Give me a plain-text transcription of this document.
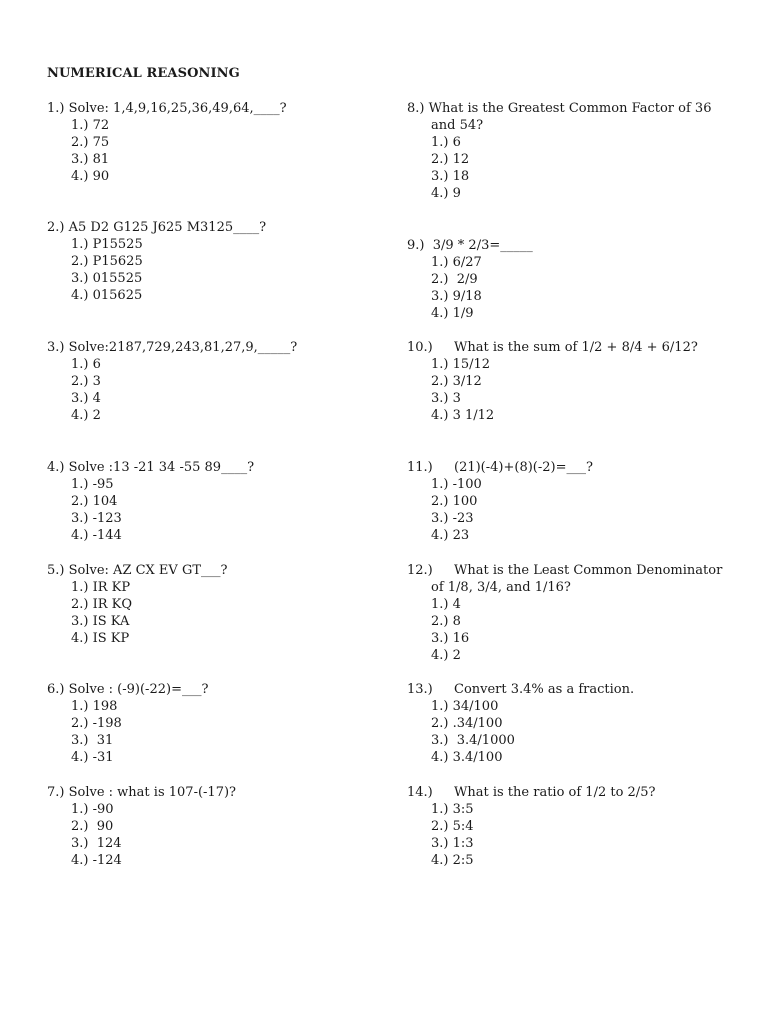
NUMERICAL REASONING
1.) Solve: 1,4,9,16,25,36,49,64,____?
1.) 72
2.) 75
3.) 81
4.) 90
2.) A5 D2 G125 J625 M3125____?
1.) P15525
2.) P15625
3.) 015525
4.) 015625
3.) Solve:2187,729,243,81,27,9,_____?
1.) 6
2.) 3
3.) 4
4.) 2
4.) Solve :13 -21 34 -55 89____?
1.) -95
2.) 104
3.) -123
4.) -144
5.) Solve: AZ CX EV GT___?
1.) IR KP
2.) IR KQ
3.) IS KA
4.) IS KP
6.) Solve : (-9)(-22)=___?
1.) 198
2.) -198
3.)  31
4.) -31
7.) Solve : what is 107-(-17)?
1.) -90
2.)  90
3.)  124
4.) -124
8.) What is the Greatest Common Factor of 36
and 54?
1.) 6
2.) 12
3.) 18
4.) 9
9.) 3/9 * 2/3=_____
1.) 6/27
2.)  2/9
3.) 9/18
4.) 1/9
10.)	What is the sum of 1/2 + 8/4 + 6/12?
1.) 15/12
2.) 3/12
3.) 3
4.) 3 1/12
11.)	(21)(-4)+(8)(-2)=___?
1.) -100
2.) 100
3.) -23
4.) 23
12.)	What is the Least Common Denominator
of 1/8, 3/4, and 1/16?
1.) 4
2.) 8
3.) 16
4.) 2
13.)	Convert 3.4% as a fraction.
1.) 34/100
2.) .34/100
3.)  3.4/1000
4.) 3.4/100
14.)	What is the ratio of 1/2 to 2/5?
1.) 3:5
2.) 5:4
3.) 1:3
4.) 2:5
